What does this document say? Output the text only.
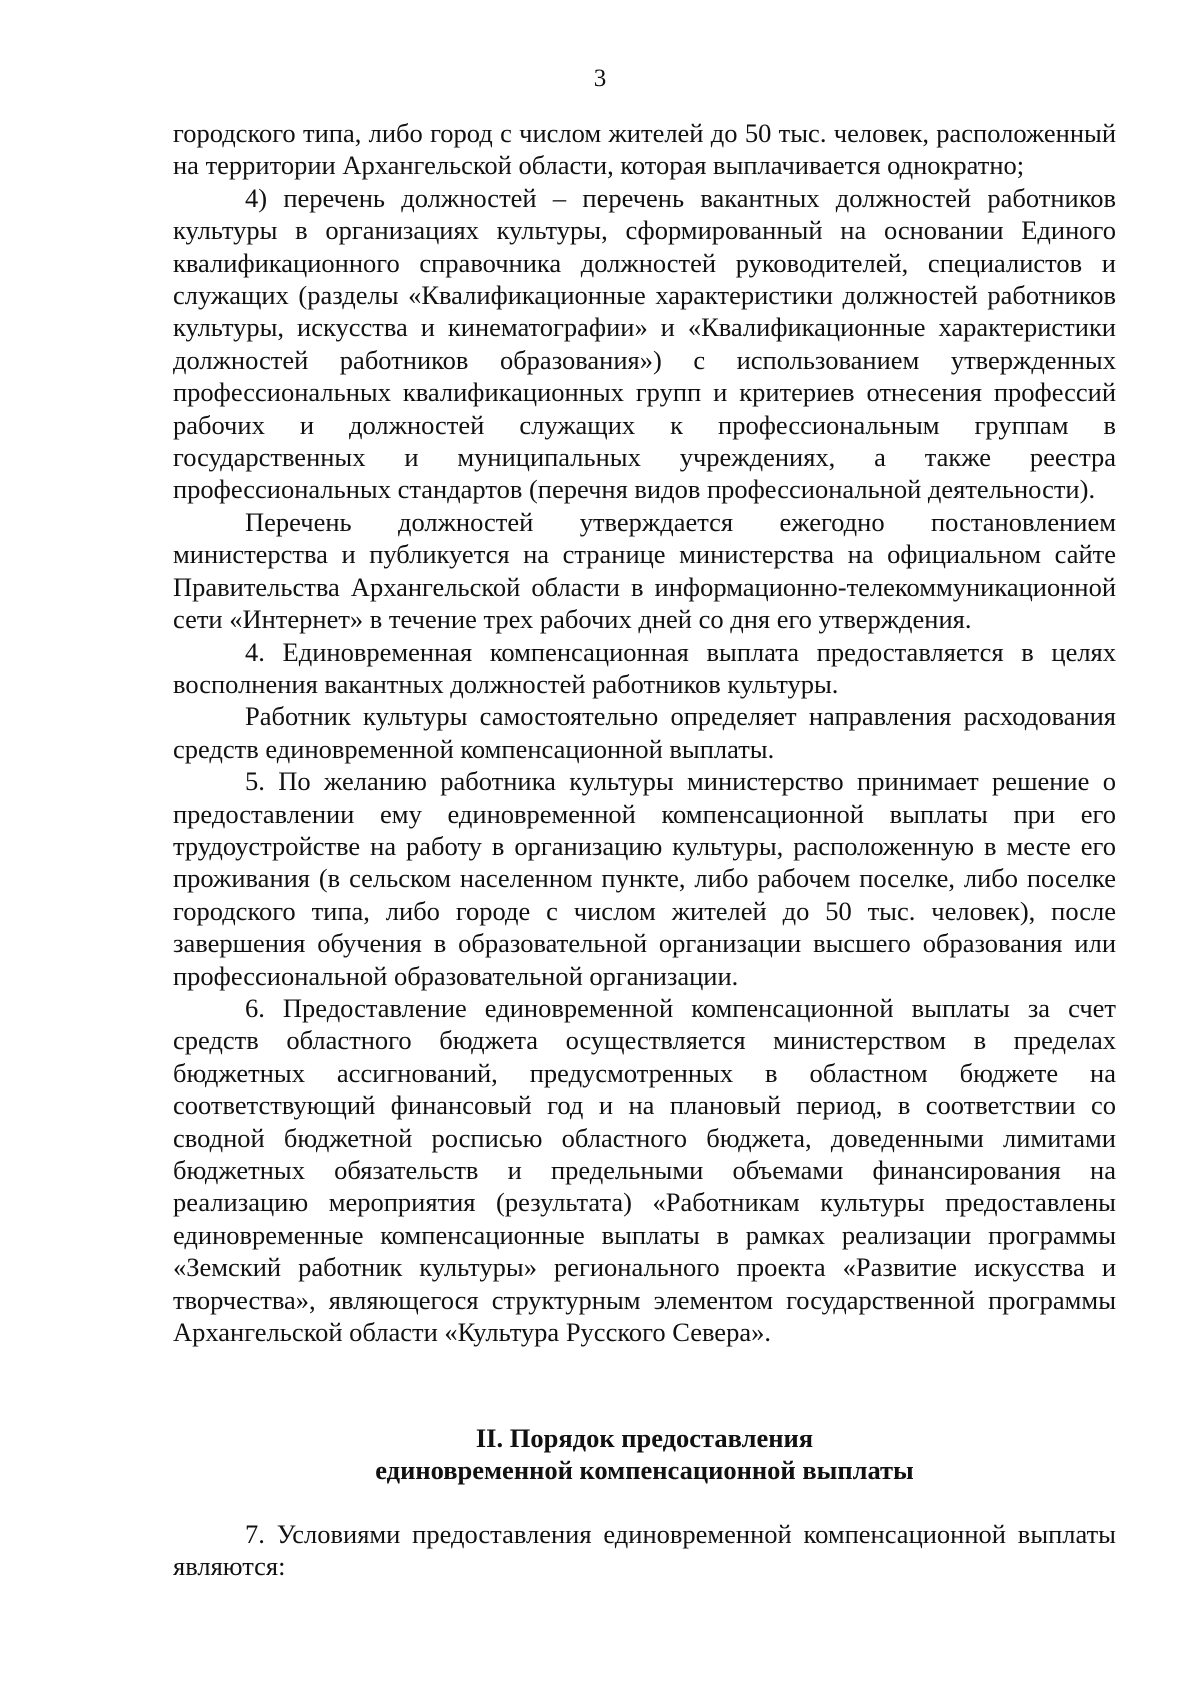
3

городского типа, либо город с числом жителей до 50 тыс. человек, расположенный на территории Архангельской области, которая выплачивается однократно;

4) перечень должностей – перечень вакантных должностей работников культуры в организациях культуры, сформированный на основании Единого квалификационного справочника должностей руководителей, специалистов и служащих (разделы «Квалификационные характеристики должностей работников культуры, искусства и кинематографии» и «Квалификационные характеристики должностей работников образования») с использованием утвержденных профессиональных квалификационных групп и критериев отнесения профессий рабочих и должностей служащих к профессиональным группам в государственных и муниципальных учреждениях, а также реестра профессиональных стандартов (перечня видов профессиональной деятельности).

Перечень должностей утверждается ежегодно постановлением министерства и публикуется на странице министерства на официальном сайте Правительства Архангельской области в информационно-телекоммуникационной сети «Интернет» в течение трех рабочих дней со дня его утверждения.

4. Единовременная компенсационная выплата предоставляется в целях восполнения вакантных должностей работников культуры.

Работник культуры самостоятельно определяет направления расходования средств единовременной компенсационной выплаты.

5. По желанию работника культуры министерство принимает решение о предоставлении ему единовременной компенсационной выплаты при его трудоустройстве на работу в организацию культуры, расположенную в месте его проживания (в сельском населенном пункте, либо рабочем поселке, либо поселке городского типа, либо городе с числом жителей до 50 тыс. человек), после завершения обучения в образовательной организации высшего образования или профессиональной образовательной организации.

6. Предоставление единовременной компенсационной выплаты за счет средств областного бюджета осуществляется министерством в пределах бюджетных ассигнований, предусмотренных в областном бюджете на соответствующий финансовый год и на плановый период, в соответствии со сводной бюджетной росписью областного бюджета, доведенными лимитами бюджетных обязательств и предельными объемами финансирования на реализацию мероприятия (результата) «Работникам культуры предоставлены единовременные компенсационные выплаты в рамках реализации программы «Земский работник культуры» регионального проекта «Развитие искусства и творчества», являющегося структурным элементом государственной программы Архангельской области «Культура Русского Севера».

II. Порядок предоставления
единовременной компенсационной выплаты

7. Условиями предоставления единовременной компенсационной выплаты являются:
